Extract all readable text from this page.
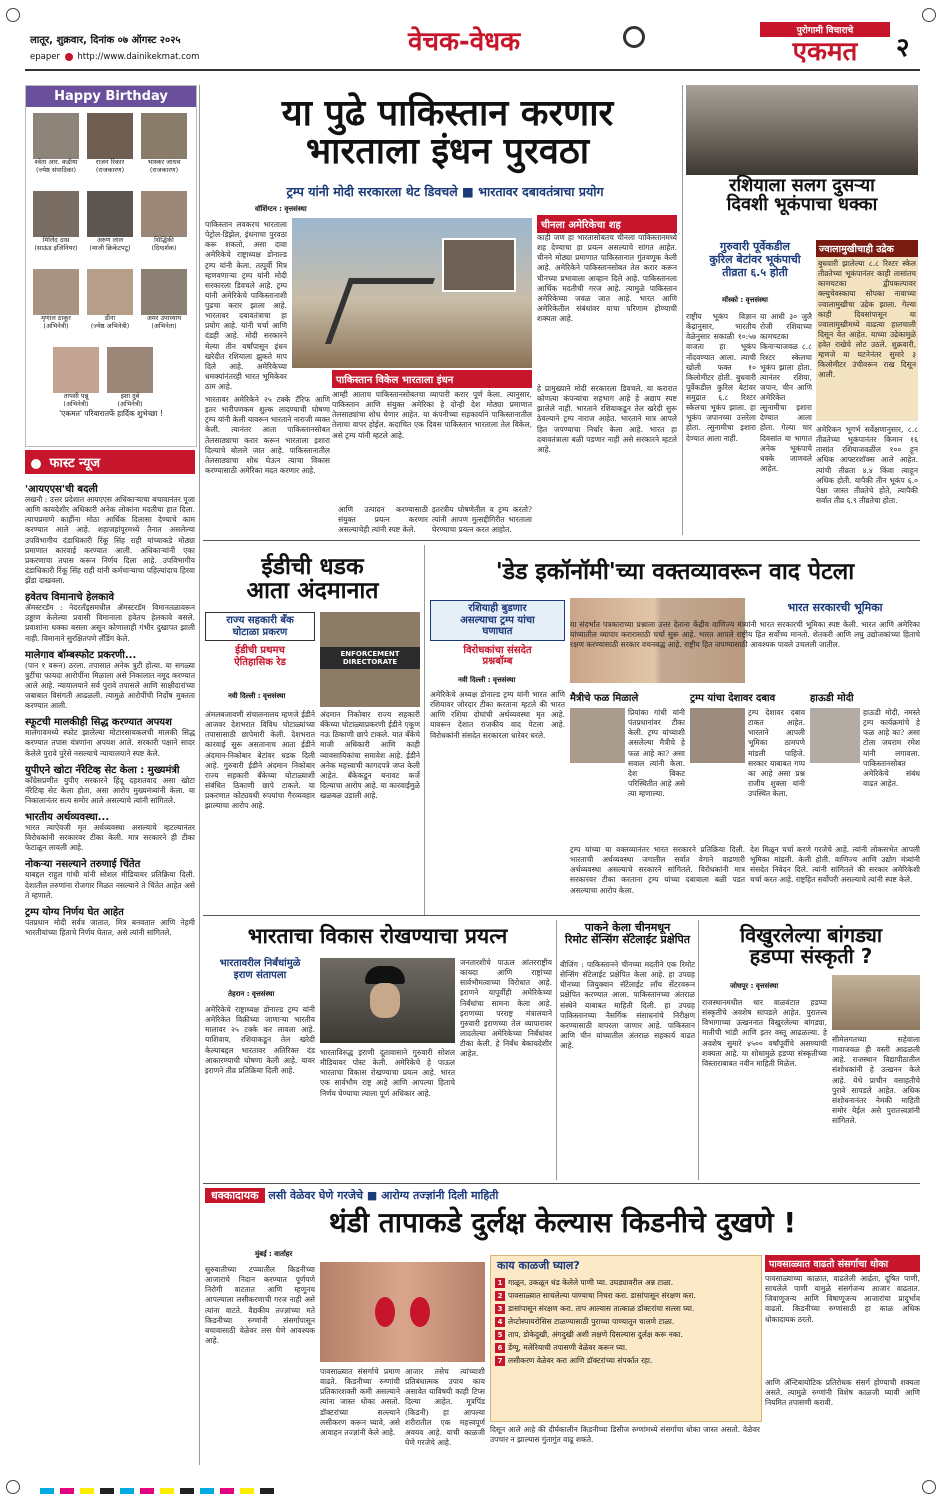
लातूर, शुक्रवार, दिनांक ०७ ऑगस्ट २०२५
epaper http://www.dainikekmat.com	वेचक-वेधक	पुरोगामी विचाराचे
एकमत	२
Happy Birthday
श्वेता आर. कडीया
(ज्येष्ठ संपादिका)
राजन रिकार
(राजकारण)
भास्कर जाधव
(राजकारण)
मिलिंद दास
(साऊंड इंजिनियर)
अरुण लाल
(माजी क्रिकेटपटू)
सिद्धिकी
(दिग्दर्शक)
मृणाल ठाकूर
(अभिनेत्री)
डीना
(ज्येष्ठ अभिनेत्री)
अमर उपाध्याय
(अभिनेता)
तापसी पन्नू
(अभिनेत्री)
इशा दुबे
(अभिनेत्री)
'एकमत' परिवारातर्फे हार्दिक शुभेच्छा !
फास्ट न्यूज
'आयएएस'ची बदली
लखनौ : उत्तर प्रदेशात आयएएस अधिकाऱ्याचा बचावानंतर पूजा आणि कायदेशीर अधिकारी अनेक लोकांना मदतीचा हात दिला. त्याचप्रमाणे काहींना मोठा आर्थिक दिलासा देण्याचे काम करण्यात आले आहे. शहाजहांपूरमध्ये तैनात असलेल्या उपविभागीय दंडाधिकारी रिंकू सिंह राही यांच्याकडे मोठ्या प्रमाणात कारवाई करण्यात आली. अधिकाऱ्यांनी एका प्रकरणाचा तपास करून निर्णय दिला आहे. उपविभागीय दंडाधिकारी रिंकू सिंह राही यांनी कर्मचाऱ्याचा पहिल्यांदाच हिरवा झेंडा दाखवला.
हवेतच विमानाचे हेलकावे
ॲमस्टरडॅम : नेदरलँड्समधील ॲमस्टरडॅम विमानतळावरून उड्डाण केलेल्या प्रवासी विमानाला हवेतच हेलकावे बसले. प्रवाशांना धक्का बसला असून कोणालाही गंभीर दुखापत झाली नाही. विमानाने सुरक्षितपणे लँडिंग केले.
मालेगाव बॉम्बस्फोट प्रकरणी...
(पान १ वरून) ठरला. तपासात अनेक त्रुटी होत्या. या सगळ्या त्रुटींचा फायदा आरोपींना मिळाला असे निकालात नमूद करण्यात आले आहे. न्यायालयाने सर्व पुरावे तपासले आणि साक्षीदारांच्या जबाबात विसंगती आढळली. त्यामुळे आरोपींची निर्दोष मुक्तता करण्यात आली.
स्फूटची मालकीही सिद्ध करण्यात अपयश
मालेगावमध्ये स्फोट झालेल्या मोटारसायकलची मालकी सिद्ध करण्यात तपास यंत्रणांना अपयश आले. सरकारी पक्षाने सादर केलेले पुरावे पुरेसे नसल्याचे न्यायालयाने स्पष्ट केले.
युपीएने खोटा नॅरेटिव्ह सेट केला : मुख्यमंत्री
काँग्रेसप्रणीत युपीए सरकारने हिंदू दहशतवाद असा खोटा नॅरेटिव्ह सेट केला होता, असा आरोप मुख्यमंत्र्यांनी केला. या निकालानंतर सत्य समोर आले असल्याचे त्यांनी सांगितले.
भारतीय अर्थव्यवस्था...
भारत त्याऐवजी मृत अर्थव्यवस्था असल्याचे म्हटल्यानंतर विरोधकांनी सरकारवर टीका केली. मात्र सरकारने ही टीका फेटाळून लावली आहे.
नोकऱ्या नसल्याने तरुणाई चिंतेत
याबद्दल राहुल गांधी यांनी सोशल मीडियावर प्रतिक्रिया दिली. देशातील तरुणांना रोजगार मिळत नसल्याने ते चिंतेत आहेत असे ते म्हणाले.
ट्रम्प योग्य निर्णय घेत आहेत
पंतप्रधान मोदी सर्वत्र जातात, मित्र बनवतात आणि नेहमी भारतीयांच्या हिताचे निर्णय घेतात, असे त्यांनी सांगितले.
या पुढे पाकिस्तान करणार
भारताला इंधन पुरवठा
ट्रम्प यांनी मोदी सरकारला थेट डिवचले ■ भारतावर दबावतंत्राचा प्रयोग
वॉशिंग्टन : वृत्तसंस्था
पाकिस्तान लवकरच भारताला पेट्रोल-डिझेल, इंधनाचा पुरवठा करू शकतो, असा दावा अमेरिकेचे राष्ट्राध्यक्ष डोनाल्ड ट्रम्प यांनी केला. तत्पूर्वी मित्र म्हणवणाऱ्या ट्रम्प यांनी मोदी सरकारला डिवचले आहे. ट्रम्प यांनी अमेरिकेचे पाकिस्तानाशी पुढचा करार झाला आहे. भारतावर दबावतंत्राचा हा प्रयोग आहे. यांनी चर्चा आणि दंडही आहे. मोदी सरकारने मेल्या तीन वर्षांपासून इंधन खरेदीत रशियाला झुकते माप दिले आहे. अमेरिकेच्या धमक्यांनंतरही भारत भूमिकेवर ठाम आहे.
पाकिस्तान विकेल भारताला इंधन
आम्ही आताच पाकिस्तानसोबतचा व्यापारी करार पूर्ण केला. त्यानुसार, पाकिस्तान आणि संयुक्त अमेरिका हे दोन्ही देश मोठ्या प्रमाणात तेलसाठ्यांचा शोध घेणार आहेत. या कंपनीच्या सहकार्याने पाकिस्तानातील तेलाचा वापर होईल. कदाचित एक दिवस पाकिस्तान भारताला तेल विकेल, असे ट्रम्प यांनी म्हटले आहे.
भारतावर अमेरिकेने २५ टक्के टॅरिफ आणि इतर भारीपणकम शुल्क लादण्याची घोषणा ट्रम्प यांनी केली यावरून भारताने नाराजी व्यक्त केली. त्यानंतर आता पाकिस्तानसोबत तेलसाठ्याचा करार करून भारताला इशारा दिल्याचे बोलले जात आहे. पाकिस्तानातील तेलसाठ्याचा शोध घेऊन त्याचा विकास करण्यासाठी अमेरिका मदत करणार आहे.
आणि उत्पादन करण्यासाठी संयुक्त प्रयत्न करणार असल्याचेही त्यांनी स्पष्ट केले.
इतरत्रीय घोषणेतील व ट्रम्प करतो? त्यांनी आपण मुत्सद्दीगिरीत भारताला घेरण्याचा प्रयत्न करत आहोत.
चीनला अमेरिकेचा शह
काही जण हा भारतासोबतच चीनला पाकिस्तानमध्ये शह देण्याचा हा प्रयत्न असल्याचे सांगत आहेत. चीनने मोठ्या प्रमाणात पाकिस्तानात गुंतवणूक केली आहे. अमेरिकेने पाकिस्तानसोबत तेल करार करून चीनच्या प्रभावाला आव्हान दिले आहे. पाकिस्तानला आर्थिक मदतीची गरज आहे. त्यामुळे पाकिस्तान अमेरिकेच्या जवळ जात आहे. भारत आणि अमेरिकेतील संबंधांवर याचा परिणाम होण्याची शक्यता आहे.
हे प्रामुख्याने मोदी सरकारला डिवचले. या करारात कोणत्या कंपन्यांचा सहभाग आहे हे अद्याप स्पष्ट झालेले नाही. भारताने रशियाकडून तेल खरेदी सुरू ठेवल्याने ट्रम्प नाराज आहेत. भारताने मात्र आपले हित जपण्याचा निर्धार केला आहे. भारत हा दबावतंत्राला बळी पडणार नाही असे सरकारने म्हटले आहे.
रशियाला सलग दुसऱ्या
दिवशी भूकंपाचा धक्का
गुरुवारी पूर्वेकडील
कुरिल बेटांवर भूकंपाची
तीव्रता ६.५ होती
मॉस्को : वृत्तसंस्था
राष्ट्रीय भूकंप विज्ञान केंद्रानुसार, भारतीय वेळेनुसार सकाळी १०:५७ वाजता हा भूकंप नोंदवण्यात आला. त्याची खोली फक्त १० किलोमीटर होती. बुधवारी पूर्वेकडील कुरिल बेटांवर समुद्रात ६.८ रिश्टर स्केलचा भूकंप झाला. हा भूकंप जपानच्या उत्तरेला होता. त्सुनामीचा इशारा देण्यात आला नाही.
या आधी ३० जुलै रोजी रशियाच्या कामचटका किनाऱ्याजवळ ८.८ रिश्टर स्केलचा भूकंप झाला होता. त्यानंतर रशिया, जपान, चीन आणि अमेरिकेत त्सुनामीचा इशारा देण्यात आला होता. गेल्या चार दिवसांत या भागात अनेक भूकंपाचे धक्के जाणवले आहेत.
ज्वालामुखीचाही उद्रेक
बुधवारी झालेल्या ८.८ रिश्टर स्केल तीव्रतेच्या भूकंपानंतर काही तासांतच कामचटका द्वीपकल्पावर क्ल्युचेवस्काया सोपका नावाच्या ज्वालामुखीचा उद्रेक झाला. गेल्या काही दिवसांपासून या ज्वालामुखीमध्ये वाढत्या हालचाली दिसून येत आहेत. याच्या उद्रेकामुळे हवेत राखेचे लोट उठले. शुक्रवारी, म्हणजे या घटनेनंतर सुमारे ३ किलोमीटर उंचीवरून राख दिसून आली.
अमेरिकन भूगर्भ सर्वेक्षणानुसार, ८.८ तीव्रतेच्या भूकंपानंतर किमान १६ तासांत रशियाजवळील १०० हून अधिक आफ्टरशॉक्स आले आहेत. त्यांची तीव्रता ४.४ किंवा त्याहून अधिक होती. यापैकी तीन भूकंप ६.० पेक्षा जास्त तीव्रतेचे होते, त्यापैकी सर्वात तीव्र ६.९ तीव्रतेचा होता.
ईडीची धडक
आता अंदमानात
राज्य सहकारी बँक
घोटाळा प्रकरण
ईडीची प्रथमच
ऐतिहासिक रेड
ENFORCEMENT DIRECTORATE
नवी दिल्ली : वृत्तसंस्था
अंमलबजावणी संचालनालय म्हणजे ईडीने आजवर देशभरात विविध घोटाळ्यांच्या तपासासाठी छापेमारी केली. देशभरात कारवाई सुरू असतानाच आता ईडीने अंदमान-निकोबार बेटांवर धडक दिली आहे. गुरुवारी ईडीने अंदमान निकोबार राज्य सहकारी बँकेच्या घोटाळ्याशी संबंधित ठिकाणी छापे टाकले. या प्रकरणात कोट्यवधी रुपयांचा गैरव्यवहार झाल्याचा आरोप आहे.
अंदमान निकोबार राज्य सहकारी बँकेच्या घोटाळ्याप्रकरणी ईडीने एकूण नऊ ठिकाणी छापे टाकले. यात बँकेचे माजी अधिकारी आणि काही व्यावसायिकांचा समावेश आहे. ईडीने अनेक महत्त्वाची कागदपत्रे जप्त केली आहेत. बँकेकडून बनावट कर्जे दिल्याचा आरोप आहे. या कारवाईमुळे खळबळ उडाली आहे.
'डेड इकॉनॉमी'च्या वक्तव्यावरून वाद पेटला
रशियाही बुडणार
असल्याचा ट्रम्प यांचा
घणाघात
विरोधकांचा संसदेत
प्रश्नबॉम्ब
नवी दिल्ली : वृत्तसंस्था
अमेरिकेचे अध्यक्ष डोनाल्ड ट्रम्प यांनी भारत आणि रशियावर जोरदार टीका करताना म्हटले की भारत आणि रशिया दोघांची अर्थव्यवस्था मृत आहे. यावरून देशात राजकीय वाद पेटला आहे. विरोधकांनी संसदेत सरकारला धारेवर धरले.
भारत सरकारची भूमिका
या संदर्भात पत्रकाराच्या प्रश्नाला उत्तर देताना केंद्रीय वाणिज्य मंत्र्यांनी भारत सरकारची भूमिका स्पष्ट केली. भारत आणि अमेरिका यांच्यातील व्यापार करारासाठी चर्चा सुरू आहे. भारत आपले राष्ट्रीय हित सर्वोच्च मानतो. शेतकरी आणि लघु उद्योजकांच्या हिताचे रक्षण करण्यासाठी सरकार वचनबद्ध आहे. राष्ट्रीय हित जपण्यासाठी आवश्यक पावले उचलली जातील.
मैत्रीचे फळ मिळाले
प्रियांका गांधी यांनी पंतप्रधानांवर टीका केली. ट्रम्प यांच्याशी असलेल्या मैत्रीचे हे फळ आहे का? असा सवाल त्यांनी केला. देश बिकट परिस्थितीत आहे असे त्या म्हणाल्या.
ट्रम्प यांचा देशावर दबाव
ट्रम्प देशावर दबाव टाकत आहेत. भारताने आपली भूमिका ठामपणे मांडली पाहिजे. सरकार याबाबत गप्प का आहे असा प्रश्न राजीव शुक्ला यांनी उपस्थित केला.
हाऊडी मोदी
हाऊडी मोदी, नमस्ते ट्रम्प कार्यक्रमांचे हे फळ आहे का? असा टोला जयराम रमेश यांनी लगावला. पाकिस्तानसोबत अमेरिकेचे संबंध वाढत आहेत.
ट्रम्प यांच्या या वक्तव्यानंतर भारत सरकारने प्रतिक्रिया दिली. भारताची अर्थव्यवस्था जगातील सर्वात वेगाने वाढणारी अर्थव्यवस्था असल्याचे सरकारने सांगितले. विरोधकांनी मात्र सरकारवर टीका करताना ट्रम्प यांच्या दबावाला बळी पडत असल्याचा आरोप केला.
देश मिळून चर्चा करणे गरजेचे आहे. त्यांनी लोकसभेत आपली भूमिका मांडली. केली होती. वाणिज्य आणि उद्योग मंत्र्यांनी संसदेत निवेदन दिले. त्यांनी सांगितले की सरकार अमेरिकेशी चर्चा करत आहे. राष्ट्रहित सर्वोपरी असल्याचे त्यांनी स्पष्ट केले.
भारताचा विकास रोखण्याचा प्रयत्न
भारतावरील निर्बंधांमुळे
इराण संतापला
तेहरान : वृत्तसंस्था
अमेरिकेचे राष्ट्राध्यक्ष डोनाल्ड ट्रम्प यांनी अमेरिकेत विक्रीच्या जाणाऱ्या भारतीय मालावर २५ टक्के कर लावला आहे. याशिवाय, रशियाकडून तेल खरेदी केल्याबद्दल भारतावर अतिरिक्त दंड आकारण्याची घोषणा केली आहे. यावर इराणने तीव्र प्रतिक्रिया दिली आहे.
भारताविरुद्ध इराणी दूतावासाने गुरुवारी सोशल मीडियावर पोस्ट केली. अमेरिकेचे हे पाऊल भारताचा विकास रोखण्याचा प्रयत्न आहे. भारत एक सार्वभौम राष्ट्र आहे आणि आपल्या हिताचे निर्णय घेण्याचा त्याला पूर्ण अधिकार आहे.
जनतारशीचे पाऊल आंतरराष्ट्रीय कायदा आणि राष्ट्रांच्या सार्वभौमत्वाच्या विरोधात आहे. इराणने यापूर्वीही अमेरिकेच्या निर्बंधांचा सामना केला आहे. इराणच्या परराष्ट्र मंत्रालयाने गुरुवारी इराणच्या तेल व्यापारावर लादलेल्या अमेरिकेच्या निर्बंधांवर टीका केली. हे निर्बंध बेकायदेशीर आहेत.
पाकने केला चीनमधून
रिमोट सेंन्सिंग सॅटेलाईट प्रक्षेपित
बीजिंग : पाकिस्तानने चीनच्या मदतीने एक रिमोट सेन्सिंग सॅटेलाईट प्रक्षेपित केला आहे. हा उपग्रह चीनच्या जियुक्वान सॅटेलाईट लाँच सेंटरवरून प्रक्षेपित करण्यात आला. पाकिस्तानच्या अंतराळ संस्थेने याबाबत माहिती दिली. हा उपग्रह पाकिस्तानच्या नैसर्गिक संसाधनांचे निरीक्षण करण्यासाठी वापरला जाणार आहे. पाकिस्तान आणि चीन यांच्यातील अंतराळ सहकार्य वाढत आहे.
विखुरलेल्या बांगड्या
हडप्पा संस्कृती ?
जोधपूर : वृत्तसंस्था
राजस्थानमधील थार वाळवंटात हडप्पा संस्कृतीचे अवशेष सापडले आहेत. पुरातत्त्व विभागाच्या उत्खननात विखुरलेल्या बांगड्या, मातीची भांडी आणि इतर वस्तू आढळल्या. हे अवशेष सुमारे ४५०० वर्षांपूर्वीचे असण्याची शक्यता आहे. या शोधामुळे हडप्पा संस्कृतीच्या विस्ताराबाबत नवीन माहिती मिळेल.
सीमेलगतच्या सहेवाला गावाजवळ ही वस्ती आढळली आहे. राजस्थान विद्यापीठातील संशोधकांनी हे उत्खनन केले आहे. येथे प्राचीन वसाहतीचे पुरावे सापडले आहेत. अधिक संशोधनानंतर नेमकी माहिती समोर येईल असे पुरातत्त्वज्ञांनी सांगितले.
धक्कादायक लसी वेळेवर घेणे गरजेचे ■ आरोग्य तज्ज्ञांनी दिली माहिती
थंडी तापाकडे दुर्लक्ष केल्यास किडनीचे दुखणे !
मुंबई : वार्ताहर
सुरुवातीच्या टप्प्यातील किडनीच्या आजाराचे निदान करण्यात पूर्णपणे निरोगी वाटतात आणि म्हणूनच आपल्याला लसीकरणाची गरज नाही असे त्यांना वाटते. वैद्यकीय तज्ज्ञांच्या मते किडनीच्या रुग्णांनी संसर्गापासून बचावासाठी वेळेवर लस घेणे आवश्यक आहे.
पावसाळ्यात संसर्गाचे प्रमाण वाढते. किडनीच्या रुग्णांची प्रतिकारशक्ती कमी असल्याने त्यांना जास्त धोका असतो. डॉक्टरांच्या सल्ल्याने लसीकरण करून घ्यावे, असे आवाहन तज्ज्ञांनी केले आहे.
आजार तसेच त्यांच्याशी प्रतिबंधात्मक उपाय काय असावेत याविषयी काही टिप्स दिल्या आहेत. मूत्रपिंड (किडनी) हा आपल्या शरीरातील एक महत्त्वपूर्ण अवयव आहे. याची काळजी घेणे गरजेचे आहे.
काय काळजी घ्याल?
1 गाळून, उकळून थंड केलेले पाणी प्या. उघड्यावरील अन्न टाळा.
2 पावसाळ्यात साचलेल्या पाण्याचा निचरा करा. डासांपासून संरक्षण करा.
3 डासांपासून संरक्षण करा. ताप आल्यास तात्काळ डॉक्टरांचा सल्ला घ्या.
4 लेप्टोस्पायरोसिस टाळण्यासाठी पुराच्या पाण्यातून चालणे टाळा.
5 ताप, डोकेदुखी, अंगदुखी अशी लक्षणे दिसल्यास दुर्लक्ष करू नका.
6 डेंग्यू, मलेरियाची तपासणी वेळेवर करून घ्या.
7 लसीकरण वेळेवर करा आणि डॉक्टरांच्या संपर्कात रहा.
दिसून आले आहे की दीर्घकालीन किडनीच्या डिसीज रुग्णांमध्ये संसर्गाचा धोका जास्त असतो. वेळेवर उपचार न झाल्यास गुंतागुंत वाढू शकते.
पावसाळ्यात वाढतो संसर्गाचा धोका
पावसाळ्याच्या काळात, वाढलेली आर्द्रता, दूषित पाणी, साचलेले पाणी यामुळे संसर्गजन्य आजार वाढतात. जिवाणूजन्य आणि विषाणूजन्य आजारांचा प्रादुर्भाव वाढतो. किडनीच्या रुग्णांसाठी हा काळ अधिक धोकादायक ठरतो.
आणि ॲन्टिबायोटिक प्रतिरोधक संसर्ग होण्याची शक्यता असते. त्यामुळे रुग्णांनी विशेष काळजी घ्यावी आणि नियमित तपासणी करावी.
